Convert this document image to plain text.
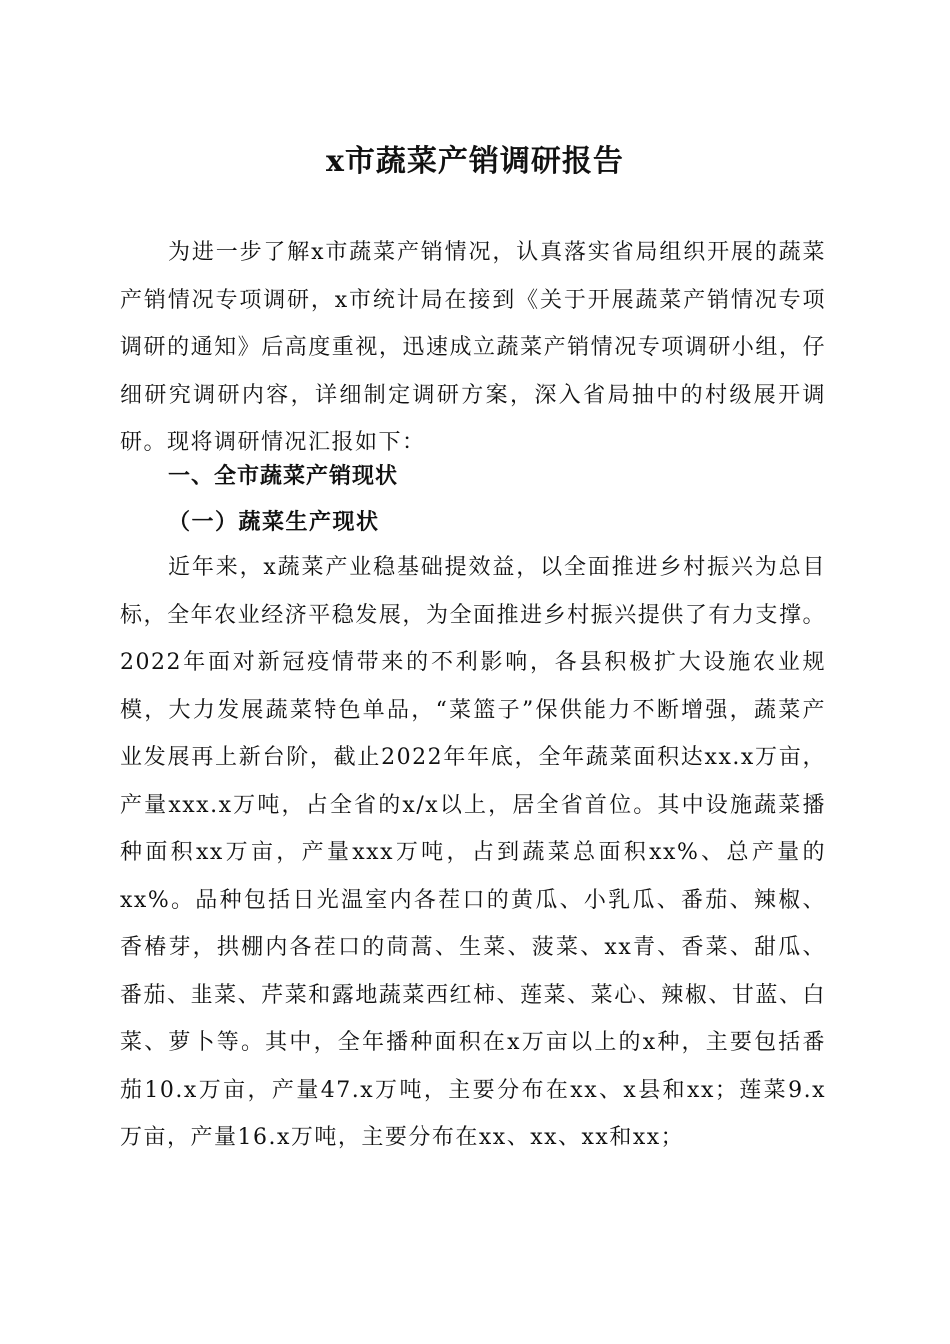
x市蔬菜产销调研报告

为进一步了解x市蔬菜产销情况，认真落实省局组织开展的蔬菜产销情况专项调研，x市统计局在接到《关于开展蔬菜产销情况专项调研的通知》后高度重视，迅速成立蔬菜产销情况专项调研小组，仔细研究调研内容，详细制定调研方案，深入省局抽中的村级展开调研。现将调研情况汇报如下：

一、全市蔬菜产销现状
（一）蔬菜生产现状

近年来，x蔬菜产业稳基础提效益，以全面推进乡村振兴为总目标，全年农业经济平稳发展，为全面推进乡村振兴提供了有力支撑。2022年面对新冠疫情带来的不利影响，各县积极扩大设施农业规模，大力发展蔬菜特色单品，“菜篮子”保供能力不断增强，蔬菜产业发展再上新台阶，截止2022年年底，全年蔬菜面积达xx.x万亩，产量xxx.x万吨，占全省的x/x以上，居全省首位。其中设施蔬菜播种面积xx万亩，产量xxx万吨，占到蔬菜总面积xx%、总产量的xx%。品种包括日光温室内各茬口的黄瓜、小乳瓜、番茄、辣椒、香椿芽，拱棚内各茬口的茼蒿、生菜、菠菜、xx青、香菜、甜瓜、番茄、韭菜、芹菜和露地蔬菜西红柿、莲菜、菜心、辣椒、甘蓝、白菜、萝卜等。其中，全年播种面积在x万亩以上的x种，主要包括番茄10.x万亩，产量47.x万吨，主要分布在xx、x县和xx；莲菜9.x万亩，产量16.x万吨，主要分布在xx、xx、xx和xx；
